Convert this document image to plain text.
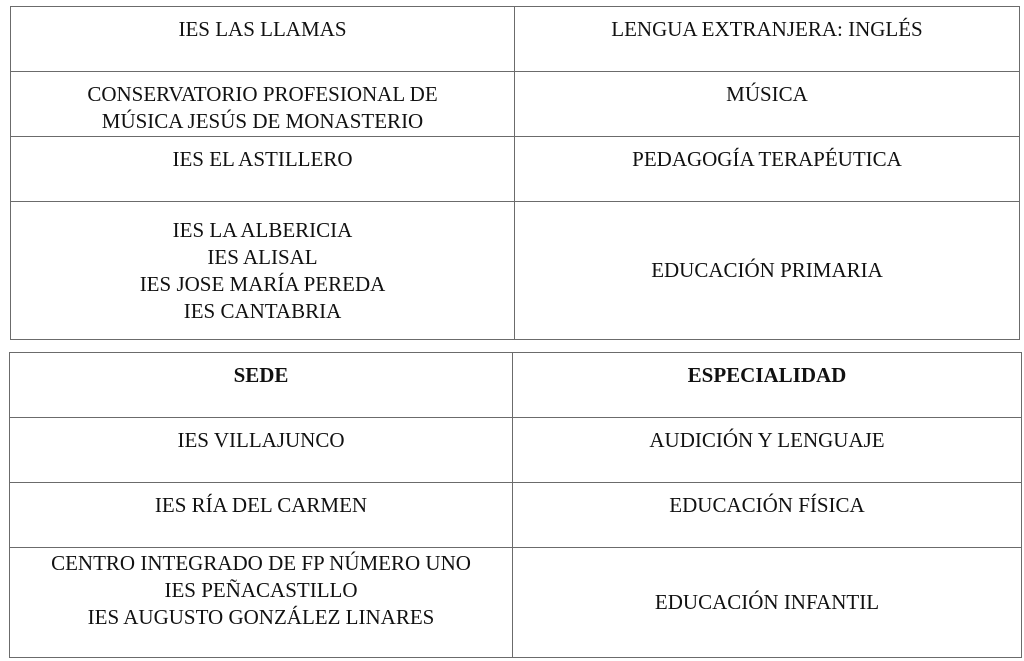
IES LAS LLAMAS	LENGUA EXTRANJERA: INGLÉS

CONSERVATORIO PROFESIONAL DE
MÚSICA JESÚS DE MONASTERIO	MÚSICA

IES EL ASTILLERO	PEDAGOGÍA TERAPÉUTICA

IES LA ALBERICIA
IES ALISAL
IES JOSE MARÍA PEREDA
IES CANTABRIA	EDUCACIÓN PRIMARIA
SEDE	ESPECIALIDAD

IES VILLAJUNCO	AUDICIÓN Y LENGUAJE

IES RÍA DEL CARMEN	EDUCACIÓN FÍSICA

CENTRO INTEGRADO DE FP NÚMERO UNO
IES PEÑACASTILLO
IES AUGUSTO GONZÁLEZ LINARES	EDUCACIÓN INFANTIL
